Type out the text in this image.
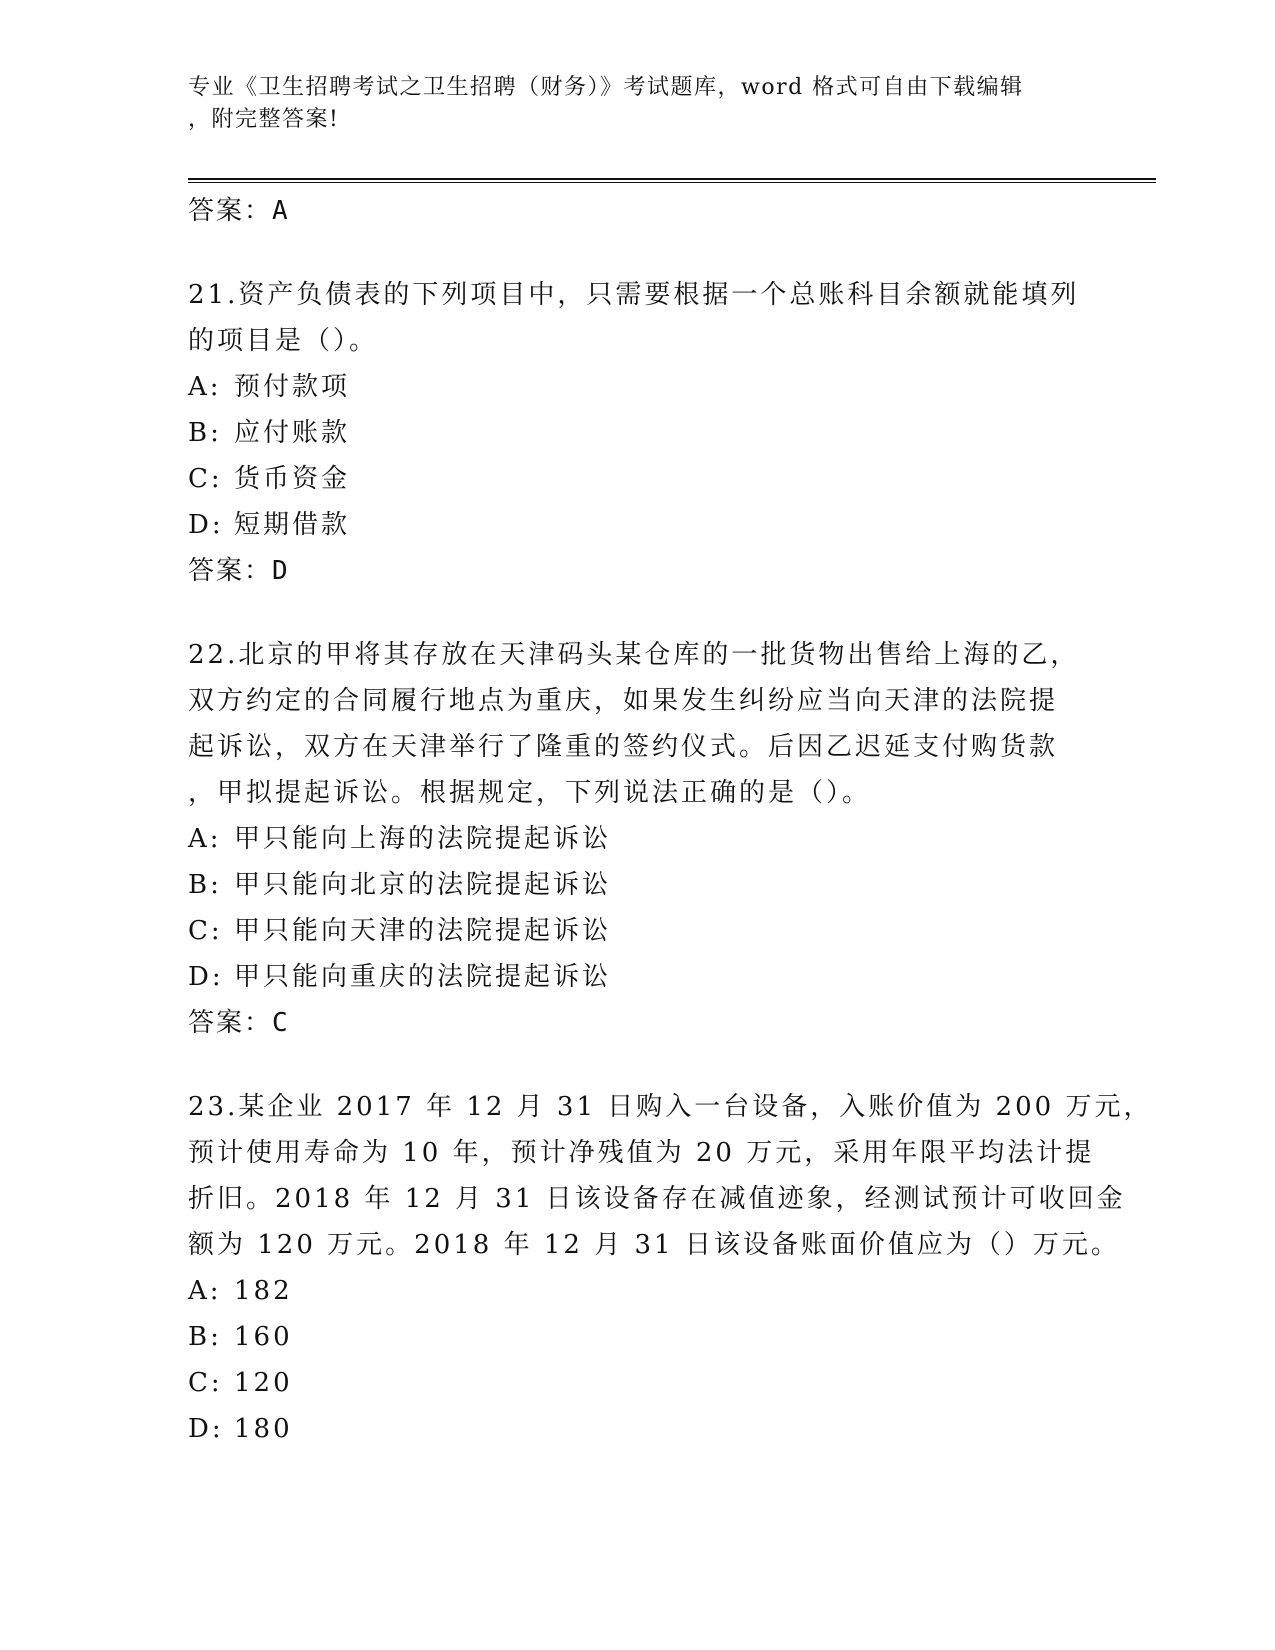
专业《卫生招聘考试之卫生招聘（财务）》考试题库，word 格式可自由下载编辑
，附完整答案!
答案：A
21.资产负债表的下列项目中，只需要根据一个总账科目余额就能填列
的项目是（）。
A: 预付款项
B: 应付账款
C: 货币资金
D: 短期借款
答案：D
22.北京的甲将其存放在天津码头某仓库的一批货物出售给上海的乙，
双方约定的合同履行地点为重庆，如果发生纠纷应当向天津的法院提
起诉讼，双方在天津举行了隆重的签约仪式。后因乙迟延支付购货款
，甲拟提起诉讼。根据规定，下列说法正确的是（）。
A: 甲只能向上海的法院提起诉讼
B: 甲只能向北京的法院提起诉讼
C: 甲只能向天津的法院提起诉讼
D: 甲只能向重庆的法院提起诉讼
答案：C
23.某企业 2017 年 12 月 31 日购入一台设备，入账价值为 200 万元，
预计使用寿命为 10 年，预计净残值为 20 万元，采用年限平均法计提
折旧。2018 年 12 月 31 日该设备存在减值迹象，经测试预计可收回金
额为 120 万元。2018 年 12 月 31 日该设备账面价值应为（）万元。
A: 182
B: 160
C: 120
D: 180
